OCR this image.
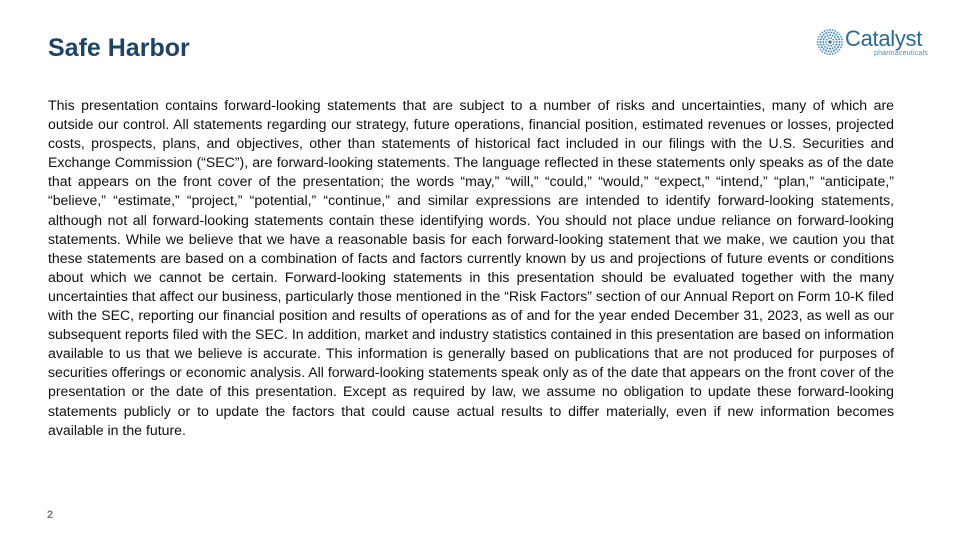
Safe Harbor	Catalyst
pharmaceuticals

This presentation contains forward-looking statements that are subject to a number of risks and uncertainties, many of which are outside our control. All statements regarding our strategy, future operations, financial position, estimated revenues or losses, projected costs, prospects, plans, and objectives, other than statements of historical fact included in our filings with the U.S. Securities and Exchange Commission (“SEC”), are forward-looking statements. The language reflected in these statements only speaks as of the date that appears on the front cover of the presentation; the words “may,” “will,” “could,” “would,” “expect,” “intend,” “plan,” “anticipate,” “believe,” “estimate,” “project,” “potential,” “continue,” and similar expressions are intended to identify forward-looking statements, although not all forward-looking statements contain these identifying words. You should not place undue reliance on forward-looking statements. While we believe that we have a reasonable basis for each forward-looking statement that we make, we caution you that these statements are based on a combination of facts and factors currently known by us and projections of future events or conditions about which we cannot be certain. Forward-looking statements in this presentation should be evaluated together with the many uncertainties that affect our business, particularly those mentioned in the “Risk Factors” section of our Annual Report on Form 10-K filed with the SEC, reporting our financial position and results of operations as of and for the year ended December 31, 2023, as well as our subsequent reports filed with the SEC. In addition, market and industry statistics contained in this presentation are based on information available to us that we believe is accurate. This information is generally based on publications that are not produced for purposes of securities offerings or economic analysis. All forward-looking statements speak only as of the date that appears on the front cover of the presentation or the date of this presentation. Except as required by law, we assume no obligation to update these forward-looking statements publicly or to update the factors that could cause actual results to differ materially, even if new information becomes available in the future.

2
